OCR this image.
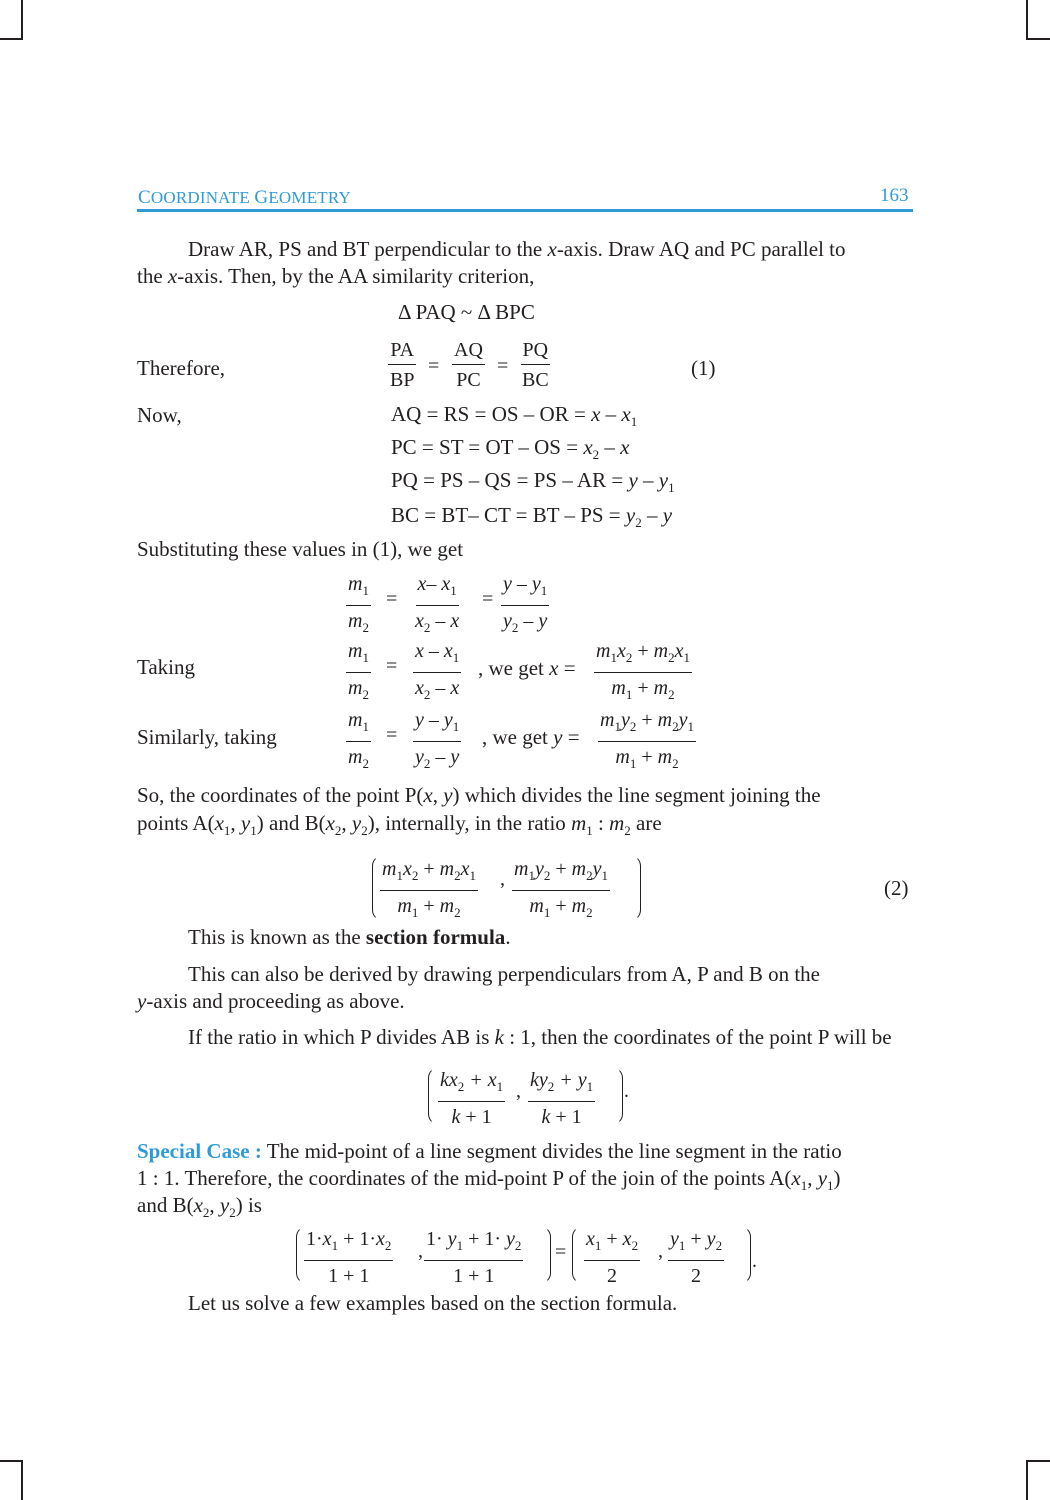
COORDINATE GEOMETRY	163
Draw AR, PS and BT perpendicular to the x-axis. Draw AQ and PC parallel to
the x-axis. Then, by the AA similarity criterion,
Δ PAQ ~ Δ BPC
Therefore,	$\frac{PA}{BP} = \frac{AQ}{PC} = \frac{PQ}{BC}$	(1)
Now,	AQ = RS = OS – OR = x – $x_1$
PC = ST = OT – OS = $x_2$ – x
PQ = PS – QS = PS – AR = y – $y_1$
BC = BT– CT = BT – PS = $y_2$ – y
Substituting these values in (1), we get
$\frac{m_1}{m_2} = \frac{x- x_1}{x_2 - x} = \frac{y - y_1}{y_2 - y}$
Taking	$\frac{m_1}{m_2} = \frac{x - x_1}{x_2 - x}$ , we get $x = \frac{m_1x_2 + m_2x_1}{m_1 + m_2}$
Similarly, taking	$\frac{m_1}{m_2} = \frac{y - y_1}{y_2 - y}$ , we get $y = \frac{m_1y_2 + m_2y_1}{m_1 + m_2}$
So, the coordinates of the point P(x, y) which divides the line segment joining the
points $A(x_1$, $y_1$) and $B(x_2$, $y_2$), internally, in the ratio $m_1$ : $m_2$ are
$\frac{m_1x_2 + m_2x_1}{m_1 + m_2}$ , $\frac{m_1y_2 + m_2y_1}{m_1 + m_2}$	(2)
This is known as the section formula.
This can also be derived by drawing perpendiculars from A, P and B on the
y-axis and proceeding as above.
If the ratio in which P divides AB is k : 1, then the coordinates of the point P will be
$\frac{kx_2 + x_1}{k + 1}$ , $\frac{ky_2 + y_1}{k + 1}$ .
Special Case : The mid-point of a line segment divides the line segment in the ratio
1 : 1. Therefore, the coordinates of the mid-point P of the join of the points $A(x_1$, $y_1$)
and $B(x_2$, $y_2$) is
$\frac{1\cdot x_1 + 1\cdot x_2}{1 + 1}$ , $\frac{1\cdot y_1 + 1\cdot y_2}{1 + 1} = \frac{x_1 + x_2}{2}$ , $\frac{y_1 + y_2}{2}$ .
Let us solve a few examples based on the section formula.
